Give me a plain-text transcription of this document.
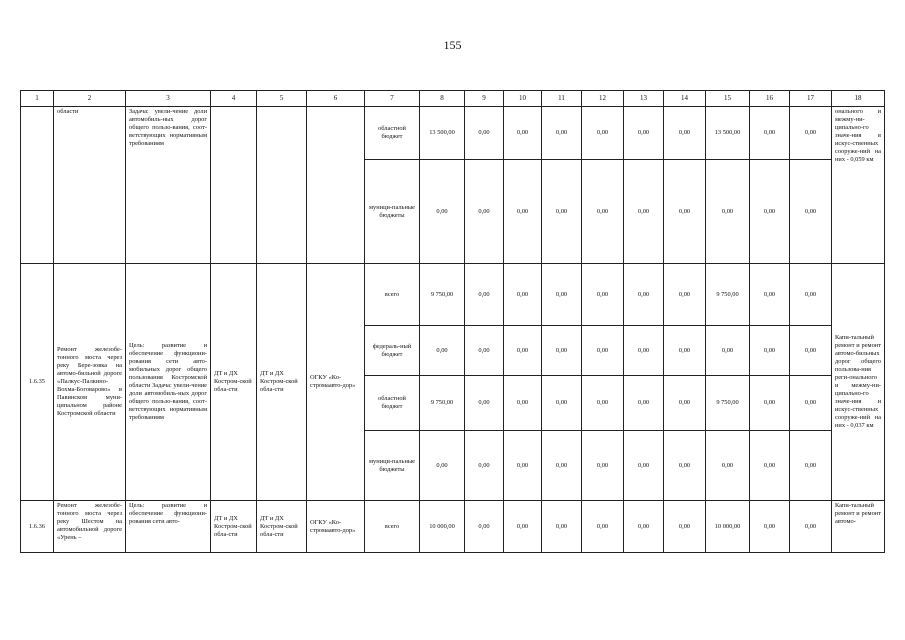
155
1	2	3	4	5	6	7	8	9	10	11	12	13	14	15	16	17	18
	области	Задача: увели-чение доли автомобиль-ных дорог общего пользо-вания, соот-ветствующих нормативным требованиям				областной бюджет	13 500,00	0,00	0,00	0,00	0,00	0,00	0,00	13 500,00	0,00	0,00	онального и межму-ни-ципально-го значе-ния в искус-ственных сооруже-ний на них - 0,059 км
						муници-пальные бюджеты	0,00	0,00	0,00	0,00	0,00	0,00	0,00	0,00	0,00	0,00	
1.6.35	Ремонт железобе-тонного моста через реку Бере-зовка на автомо-бильной дороге «Палкус-Палкино-Вохма-Боговарово» в Павинском муни-ципальном районе Костромской области	Цель: развитие и обеспечение функциони-рования сети авто-мобильных дорог общего пользования Костромской области Задача: увели-чение доли автомобиль-ных дорог общего пользо-вания, соот-ветствующих нормативным требованиям	ДТ и ДХ Костром-ской обла-сти	ДТ и ДХ Костром-ской обла-сти	ОГКУ «Ко-стромаавто-дор»	всего	9 750,00	0,00	0,00	0,00	0,00	0,00	0,00	9 750,00	0,00	0,00	Капи-тальный ремонт и ремонт автомо-бильных дорог общего пользова-ния реги-онального и межму-ни-ципально-го значе-ния и искус-ственных сооруже-ний на них - 0,037 км
						федераль-ный бюджет	0,00	0,00	0,00	0,00	0,00	0,00	0,00	0,00	0,00	0,00	
						областной бюджет	9 750,00	0,00	0,00	0,00	0,00	0,00	0,00	9 750,00	0,00	0,00	
						муници-пальные бюджеты	0,00	0,00	0,00	0,00	0,00	0,00	0,00	0,00	0,00	0,00	
1.6.36	Ремонт железобе-тонного моста через реку Шестом на автомобильной дороге «Урень –	Цель: развитие и обеспечение функциони-рования сети авто-	ДТ и ДХ Костром-ской обла-сти	ДТ и ДХ Костром-ской обла-сти	ОГКУ «Ко-стромаавто-дор»	всего	10 000,00	0,00	0,00	0,00	0,00	0,00	0,00	10 000,00	0,00	0,00	Капи-тальный ремонт и ремонт автомо-
